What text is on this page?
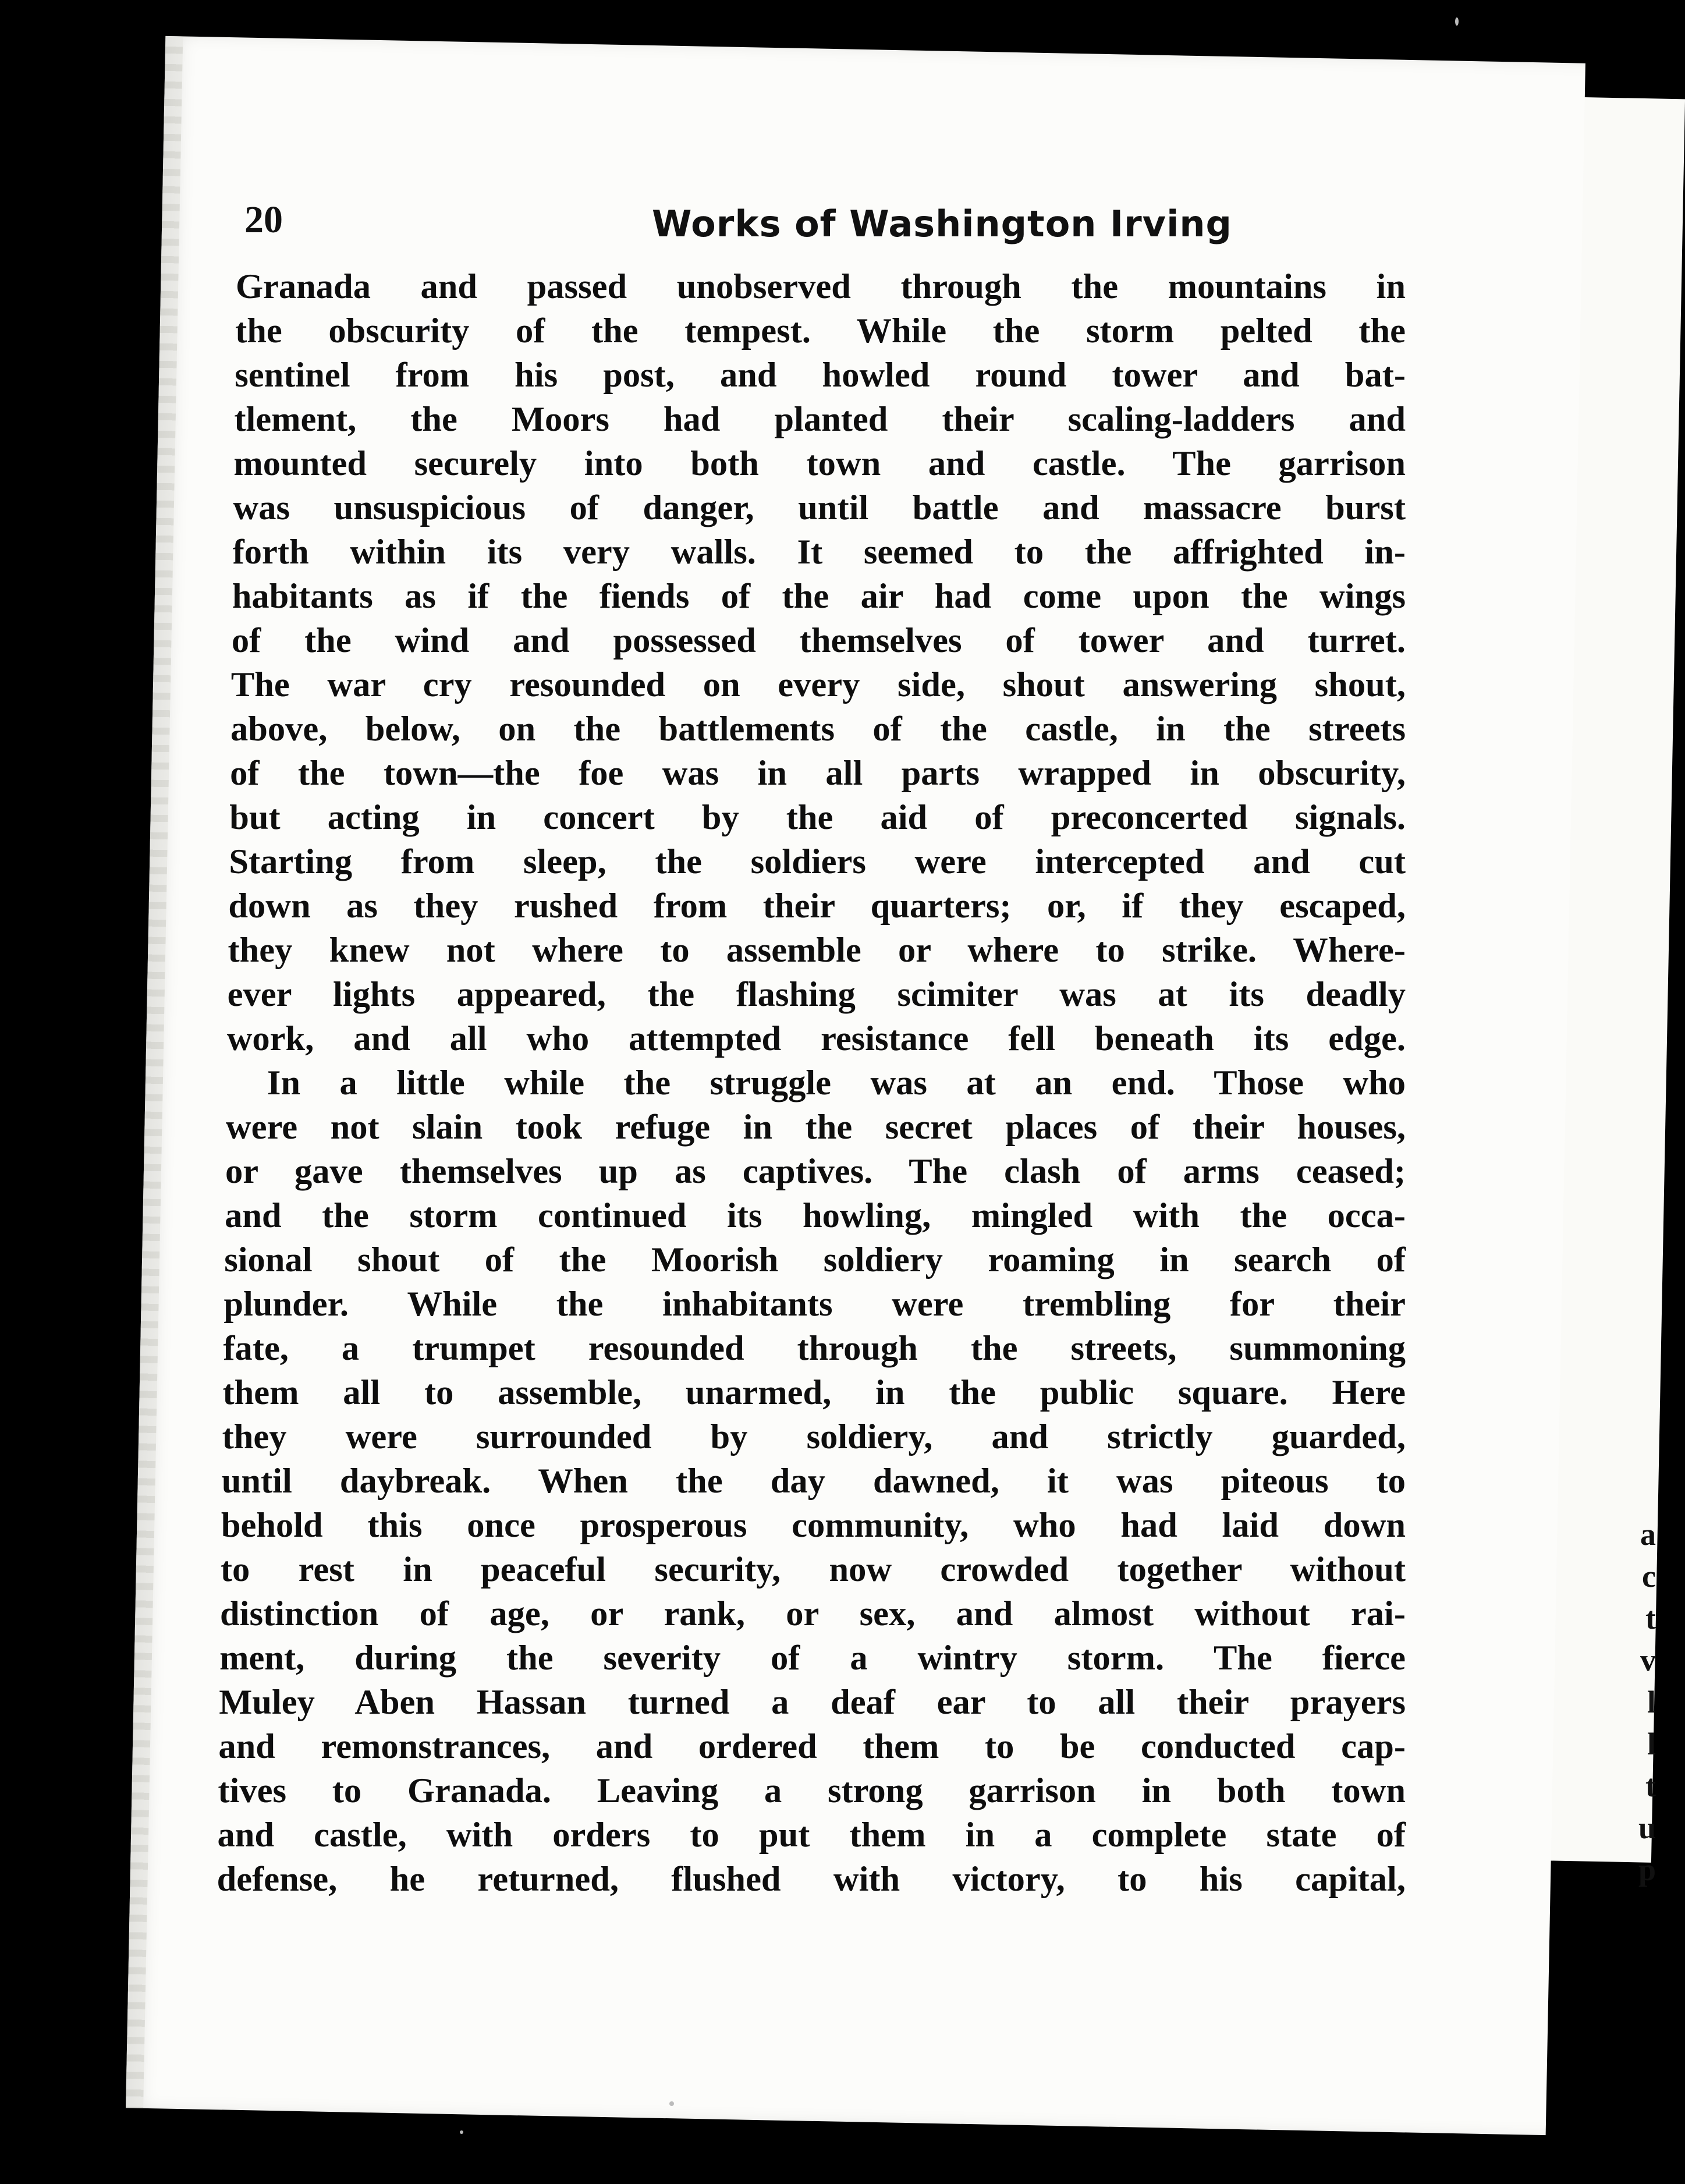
20	Works of Washington Irving
Granada and passed unobserved through the mountains in
the obscurity of the tempest. While the storm pelted the
sentinel from his post, and howled round tower and bat-
tlement, the Moors had planted their scaling-ladders and
mounted securely into both town and castle. The garrison
was unsuspicious of danger, until battle and massacre burst
forth within its very walls. It seemed to the affrighted in-
habitants as if the fiends of the air had come upon the wings
of the wind and possessed themselves of tower and turret.
The war cry resounded on every side, shout answering shout,
above, below, on the battlements of the castle, in the streets
of the town—the foe was in all parts wrapped in obscurity,
but acting in concert by the aid of preconcerted signals.
Starting from sleep, the soldiers were intercepted and cut
down as they rushed from their quarters; or, if they escaped,
they knew not where to assemble or where to strike. Where-
ever lights appeared, the flashing scimiter was at its deadly
work, and all who attempted resistance fell beneath its edge.
In a little while the struggle was at an end. Those who
were not slain took refuge in the secret places of their houses,
or gave themselves up as captives. The clash of arms ceased;
and the storm continued its howling, mingled with the occa-
sional shout of the Moorish soldiery roaming in search of
plunder. While the inhabitants were trembling for their
fate, a trumpet resounded through the streets, summoning
them all to assemble, unarmed, in the public square. Here
they were surrounded by soldiery, and strictly guarded,
until daybreak. When the day dawned, it was piteous to
behold this once prosperous community, who had laid down
to rest in peaceful security, now crowded together without
distinction of age, or rank, or sex, and almost without rai-
ment, during the severity of a wintry storm. The fierce
Muley Aben Hassan turned a deaf ear to all their prayers
and remonstrances, and ordered them to be conducted cap-
tives to Granada. Leaving a strong garrison in both town
and castle, with orders to put them in a complete state of
defense, he returned, flushed with victory, to his capital,
a
c
t
v
l
l
t
u
p
